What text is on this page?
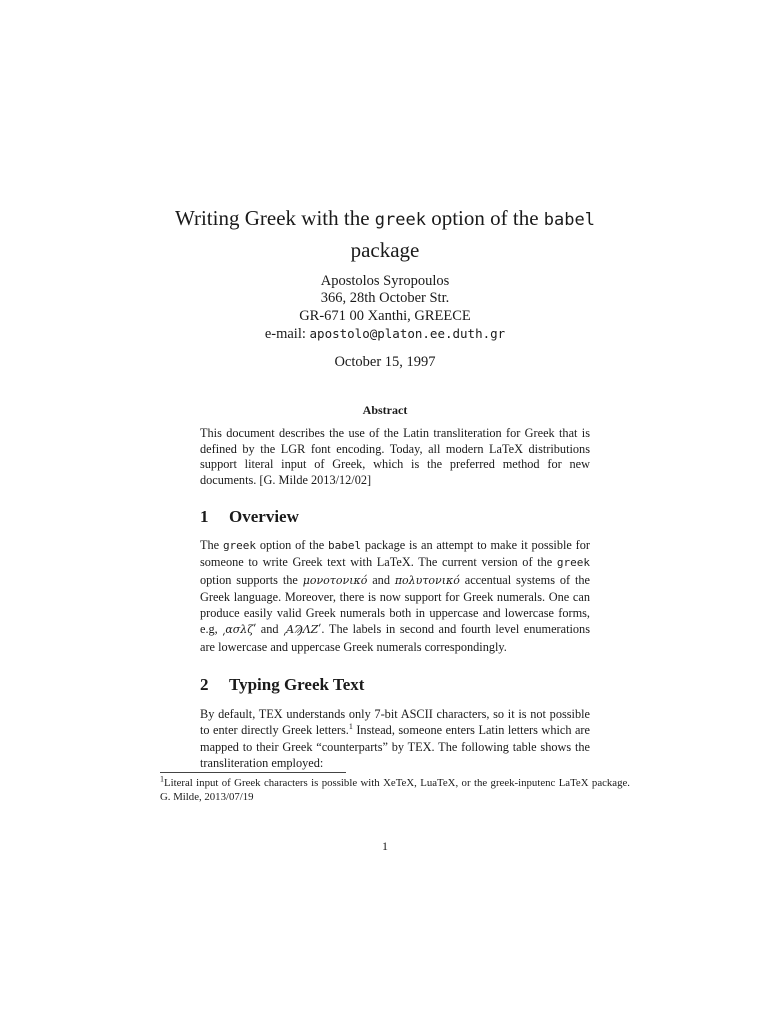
Writing Greek with the greek option of the babel
package
Apostolos Syropoulos
366, 28th October Str.
GR-671 00 Xanthi, GREECE
e-mail: apostolo@platon.ee.duth.gr
October 15, 1997
Abstract
This document describes the use of the Latin transliteration for Greek that is defined by the LGR font encoding. Today, all modern LaTeX distributions support literal input of Greek, which is the preferred method for new documents. [G. Milde 2013/12/02]
1 Overview
The greek option of the babel package is an attempt to make it possible for someone to write Greek text with LaTeX. The current version of the greek option supports the μονοτονικό and πολυτονικό accentual systems of the Greek language. Moreover, there is now support for Greek numerals. One can produce easily valid Greek numerals both in uppercase and lowercase forms, e.g, ͵ασλζʹ and ͵ΑϠΛΖʹ. The labels in second and fourth level enumerations are lowercase and uppercase Greek numerals correspondingly.
2 Typing Greek Text
By default, TEX understands only 7-bit ASCII characters, so it is not possible to enter directly Greek letters.$^1$ Instead, someone enters Latin letters which are mapped to their Greek “counterparts” by TEX. The following table shows the transliteration employed:
$^1$Literal input of Greek characters is possible with XeTeX, LuaTeX, or the greek-inputenc LaTeX package. G. Milde, 2013/07/19
1
